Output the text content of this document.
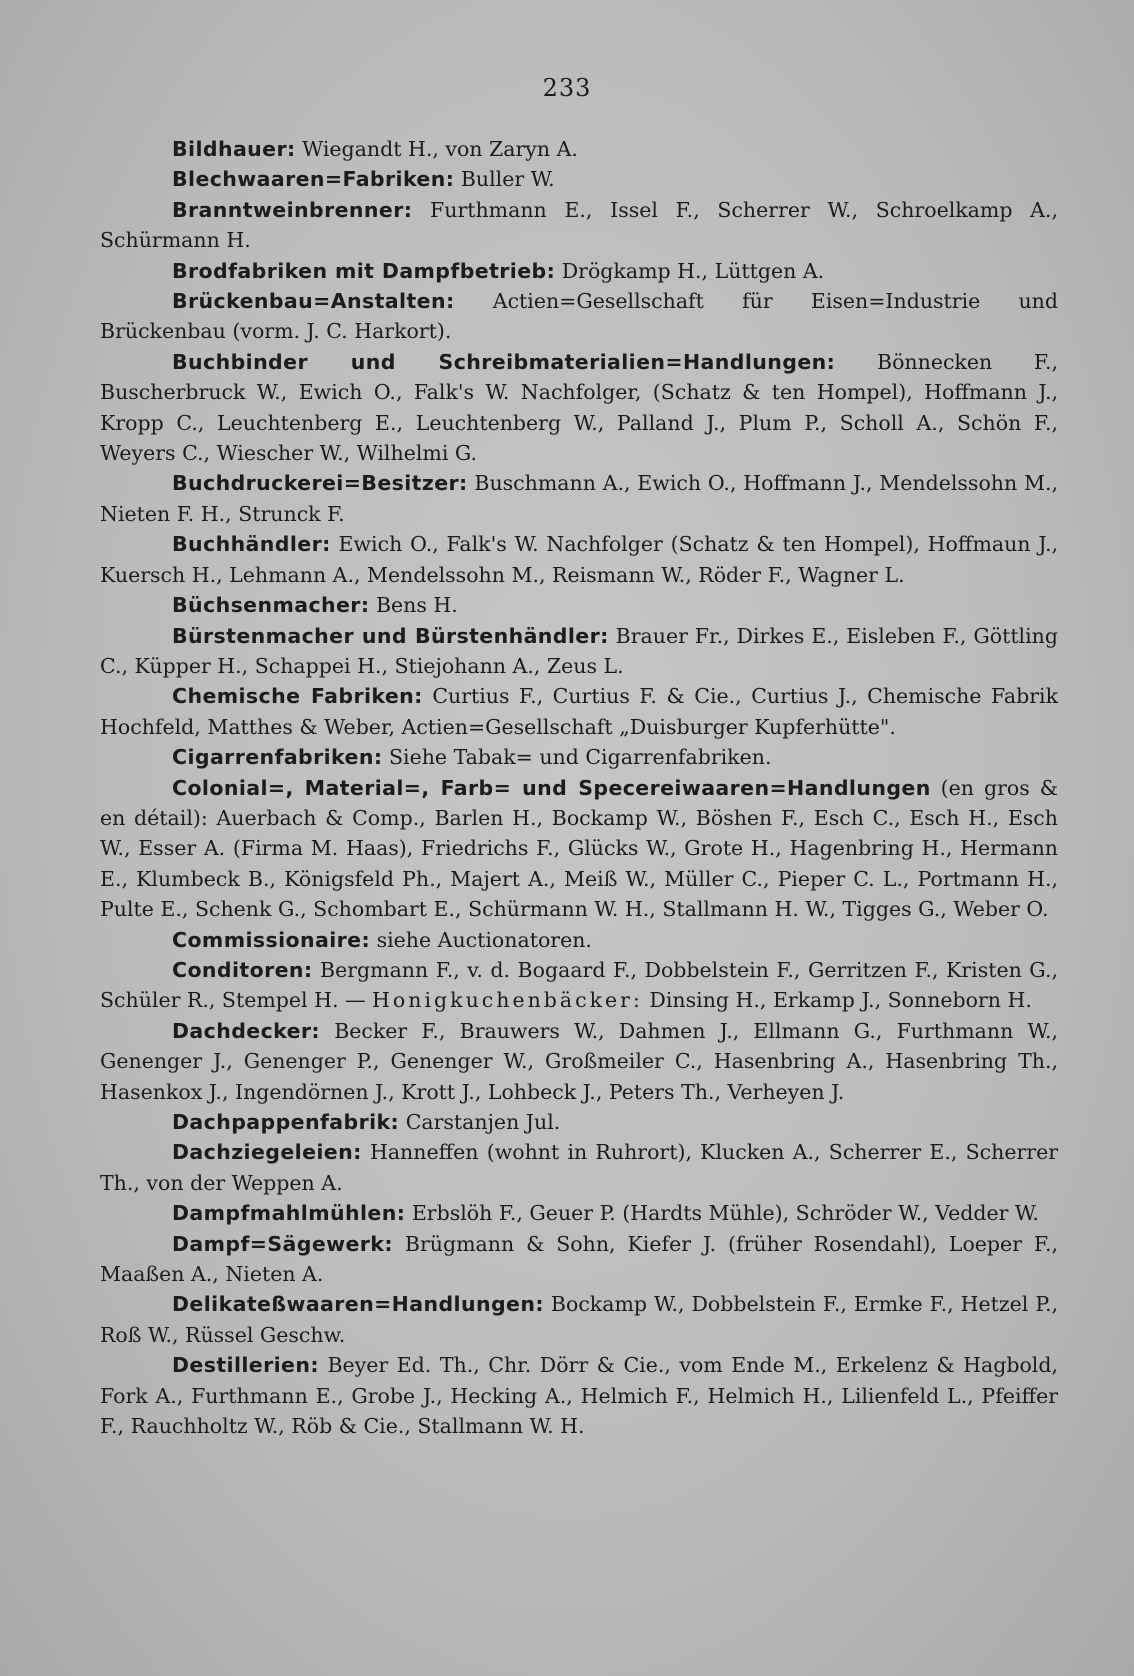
233

Bildhauer: Wiegandt H., von Zaryn A.

Blechwaaren=Fabriken: Buller W.

Branntweinbrenner: Furthmann E., Issel F., Scherrer W., Schroelkamp A., Schürmann H.

Brodfabriken mit Dampfbetrieb: Drögkamp H., Lüttgen A.

Brückenbau=Anstalten: Actien=Gesellschaft für Eisen=Industrie und Brückenbau (vorm. J. C. Harkort).

Buchbinder und Schreibmaterialien=Handlungen: Bönnecken F., Buscherbruck W., Ewich O., Falk's W. Nachfolger, (Schatz & ten Hompel), Hoffmann J., Kropp C., Leuchtenberg E., Leuchtenberg W., Palland J., Plum P., Scholl A., Schön F., Weyers C., Wiescher W., Wilhelmi G.

Buchdruckerei=Besitzer: Buschmann A., Ewich O., Hoffmann J., Mendelssohn M., Nieten F. H., Strunck F.

Buchhändler: Ewich O., Falk's W. Nachfolger (Schatz & ten Hompel), Hoffmaun J., Kuersch H., Lehmann A., Mendelssohn M., Reismann W., Röder F., Wagner L.

Büchsenmacher: Bens H.

Bürstenmacher und Bürstenhändler: Brauer Fr., Dirkes E., Eisleben F., Göttling C., Küpper H., Schappei H., Stiejohann A., Zeus L.

Chemische Fabriken: Curtius F., Curtius F. & Cie., Curtius J., Chemische Fabrik Hochfeld, Matthes & Weber, Actien=Gesellschaft „Duisburger Kupferhütte".

Cigarrenfabriken: Siehe Tabak= und Cigarrenfabriken.

Colonial=, Material=, Farb= und Specereiwaaren=Handlungen (en gros & en détail): Auerbach & Comp., Barlen H., Bockamp W., Böshen F., Esch C., Esch H., Esch W., Esser A. (Firma M. Haas), Friedrichs F., Glücks W., Grote H., Hagenbring H., Hermann E., Klumbeck B., Königsfeld Ph., Majert A., Meiß W., Müller C., Pieper C. L., Portmann H., Pulte E., Schenk G., Schombart E., Schürmann W. H., Stallmann H. W., Tigges G., Weber O.

Commissionaire: siehe Auctionatoren.

Conditoren: Bergmann F., v. d. Bogaard F., Dobbelstein F., Gerritzen F., Kristen G., Schüler R., Stempel H. — Honigkuchenbäcker: Dinsing H., Erkamp J., Sonneborn H.

Dachdecker: Becker F., Brauwers W., Dahmen J., Ellmann G., Furthmann W., Genenger J., Genenger P., Genenger W., Großmeiler C., Hasenbring A., Hasenbring Th., Hasenkox J., Ingendörnen J., Krott J., Lohbeck J., Peters Th., Verheyen J.

Dachpappenfabrik: Carstanjen Jul.

Dachziegeleien: Hanneffen (wohnt in Ruhrort), Klucken A., Scherrer E., Scherrer Th., von der Weppen A.

Dampfmahlmühlen: Erbslöh F., Geuer P. (Hardts Mühle), Schröder W., Vedder W.

Dampf=Sägewerk: Brügmann & Sohn, Kiefer J. (früher Rosendahl), Loeper F., Maaßen A., Nieten A.

Delikateßwaaren=Handlungen: Bockamp W., Dobbelstein F., Ermke F., Hetzel P., Roß W., Rüssel Geschw.

Destillerien: Beyer Ed. Th., Chr. Dörr & Cie., vom Ende M., Erkelenz & Hagbold, Fork A., Furthmann E., Grobe J., Hecking A., Helmich F., Helmich H., Lilienfeld L., Pfeiffer F., Rauchholtz W., Röb & Cie., Stallmann W. H.
